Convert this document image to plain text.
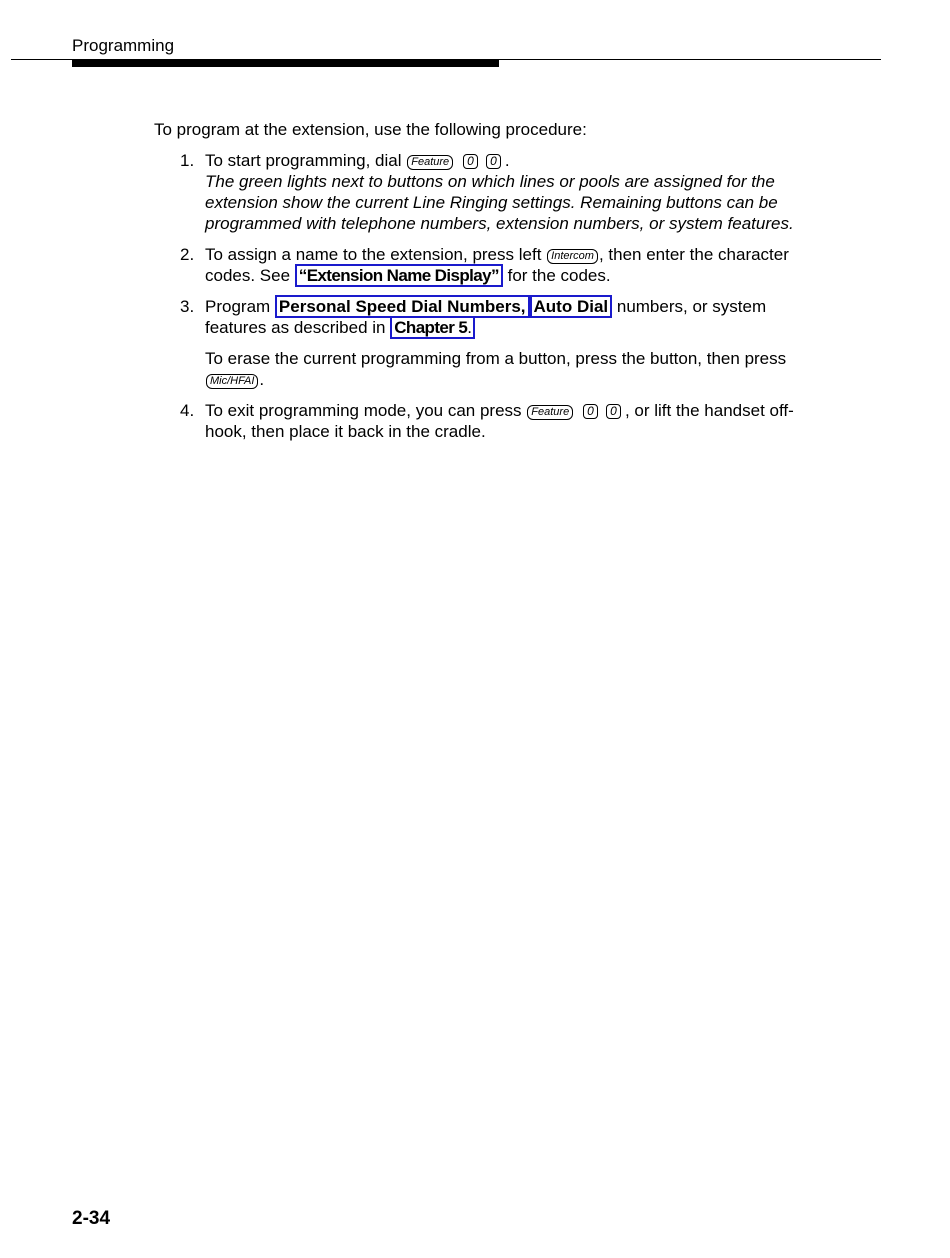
Programming

To program at the extension, use the following procedure:

1. To start programming, dial Feature 0 0 .
The green lights next to buttons on which lines or pools are assigned for the extension show the current Line Ringing settings. Remaining buttons can be programmed with telephone numbers, extension numbers, or system features.
2. To assign a name to the extension, press left Intercom , then enter the character codes. See “Extension Name Display” for the codes.
3. Program Personal Speed Dial Numbers, Auto Dial numbers, or system features as described in Chapter 5.
To erase the current programming from a button, press the button, then press Mic/HFAI .
4. To exit programming mode, you can press Feature 0 0 , or lift the handset off-hook, then place it back in the cradle.
2-34
